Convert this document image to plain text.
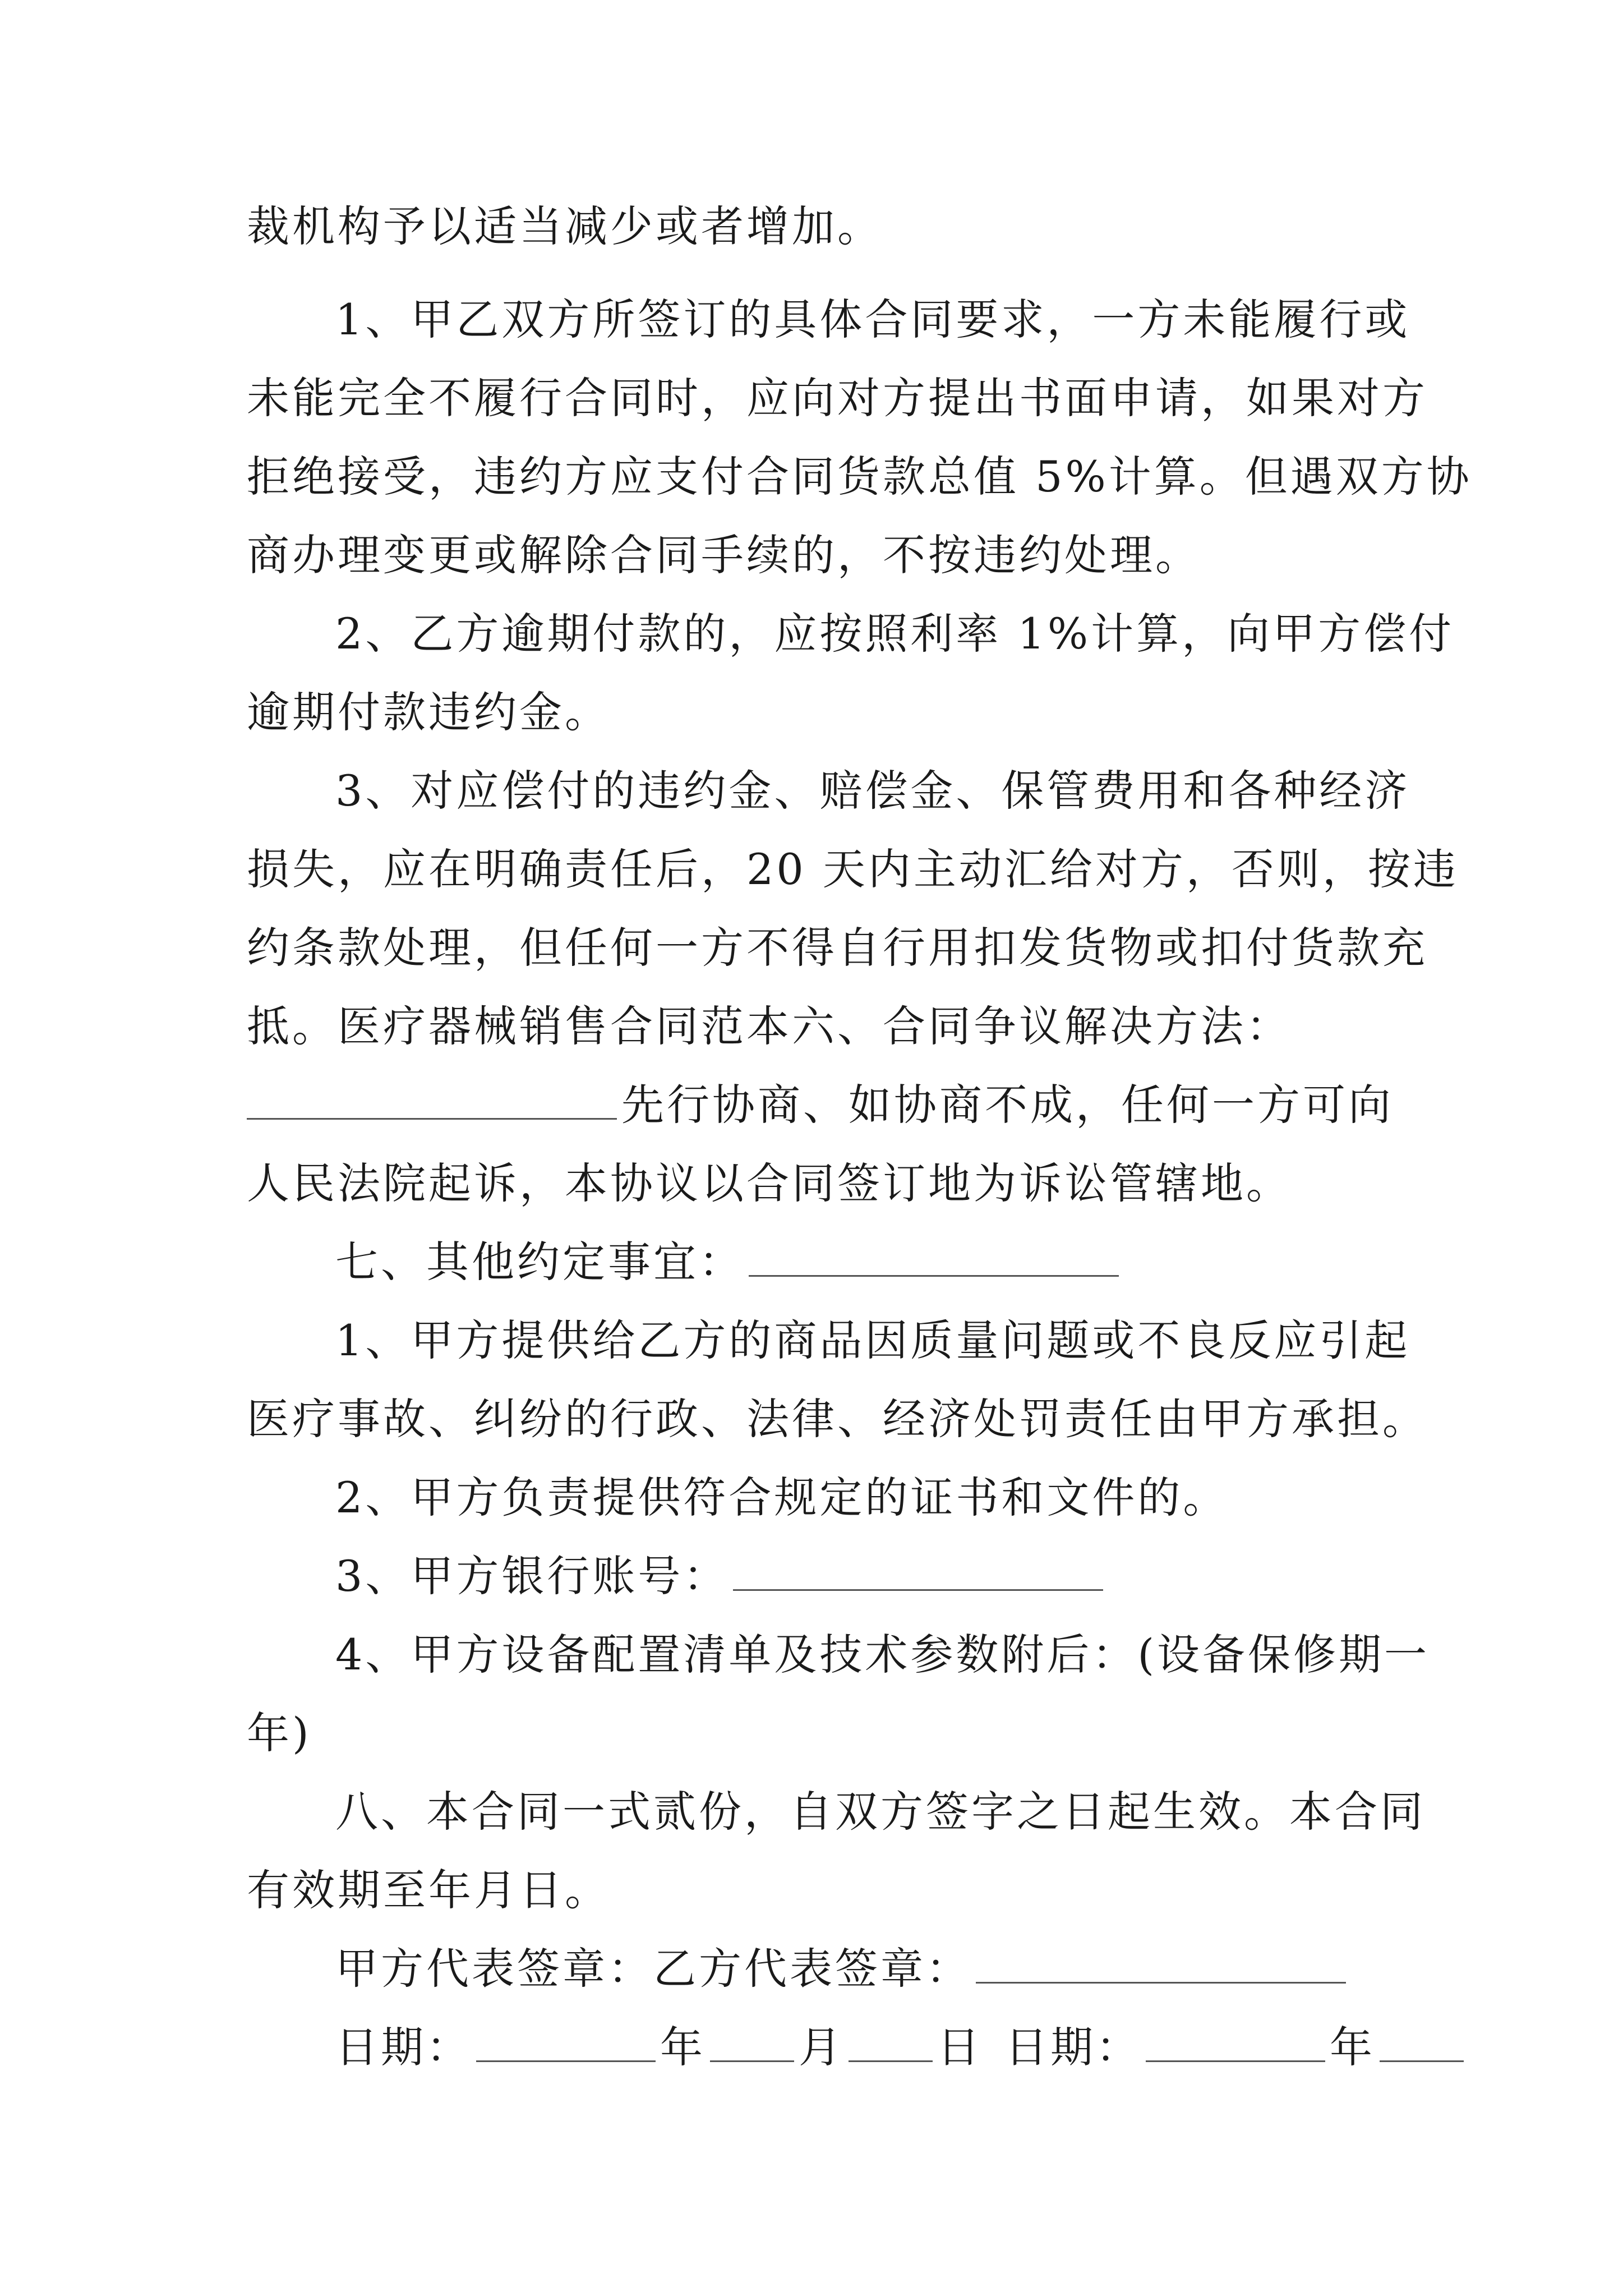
裁机构予以适当减少或者增加。
1、甲乙双方所签订的具体合同要求，一方未能履行或
未能完全不履行合同时，应向对方提出书面申请，如果对方
拒绝接受，违约方应支付合同货款总值 5%计算。但遇双方协
商办理变更或解除合同手续的，不按违约处理。
2、乙方逾期付款的，应按照利率 1%计算，向甲方偿付
逾期付款违约金。
3、对应偿付的违约金、赔偿金、保管费用和各种经济
损失，应在明确责任后，20 天内主动汇给对方，否则，按违
约条款处理，但任何一方不得自行用扣发货物或扣付货款充
抵。医疗器械销售合同范本六、合同争议解决方法：
先行协商、如协商不成，任何一方可向
人民法院起诉，本协议以合同签订地为诉讼管辖地。
七、其他约定事宜：
1、甲方提供给乙方的商品因质量问题或不良反应引起
医疗事故、纠纷的行政、法律、经济处罚责任由甲方承担。
2、甲方负责提供符合规定的证书和文件的。
3、甲方银行账号：
4、甲方设备配置清单及技术参数附后：(设备保修期一
年)
八、本合同一式贰份，自双方签字之日起生效。本合同
有效期至年月日。
甲方代表签章：乙方代表签章：
日期：	年 月 日 日期：	年
